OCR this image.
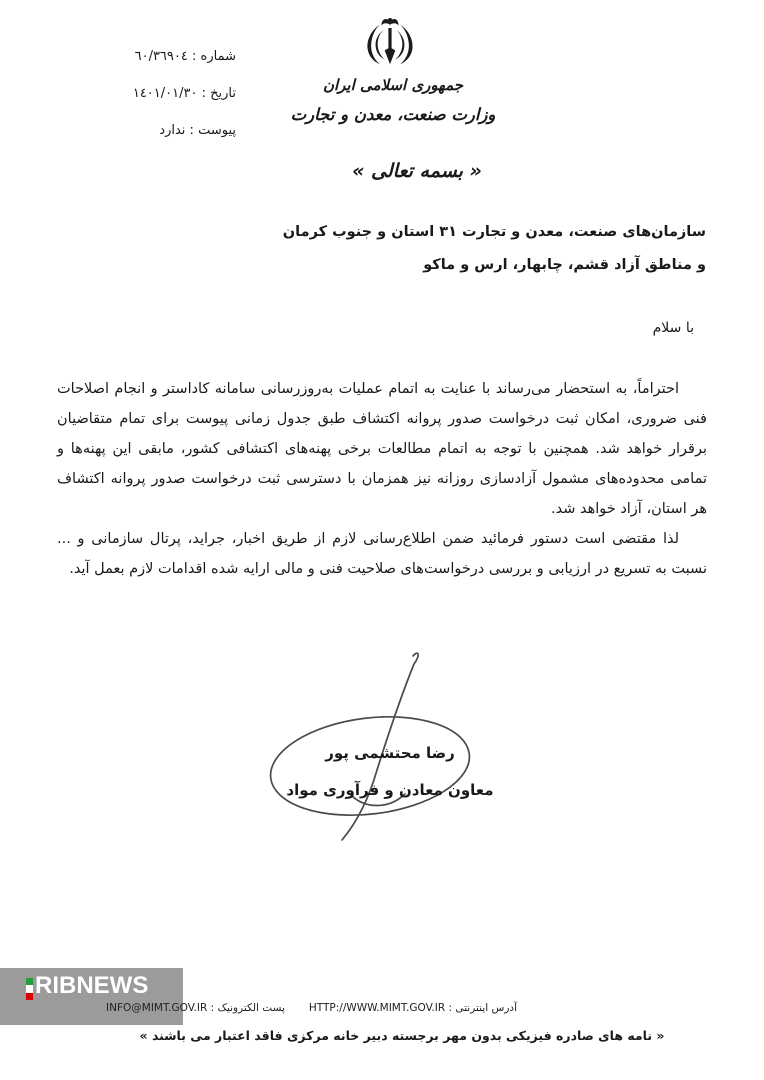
شماره : ٦٠/٣٦٩٠٤
تاریخ : ١٤٠١/٠١/٣٠
پیوست : ندارد
جمهوری اسلامی ایران
وزارت صنعت، معدن و تجارت
« بسمه تعالی »
سازمان‌های صنعت، معدن و تجارت ۳۱ استان و جنوب کرمان
و مناطق آزاد قشم، چابهار، ارس و ماکو
با سلام

احتراماً، به استحضار می‌رساند با عنایت به اتمام عملیات به‌روزرسانی سامانه کاداستر و انجام اصلاحات فنی ضروری، امکان ثبت درخواست صدور پروانه اکتشاف طبق جدول زمانی پیوست برای تمام متقاضیان برقرار خواهد شد. همچنین با توجه به اتمام مطالعات برخی پهنه‌های اکتشافی کشور، مابقی این پهنه‌ها و تمامی محدوده‌های مشمول آزادسازی روزانه نیز همزمان با دسترسی ثبت درخواست صدور پروانه اکتشاف هر استان، آزاد خواهد شد.

لذا مقتضی است دستور فرمائید ضمن اطلاع‌رسانی لازم از طریق اخبار، جراید، پرتال سازمانی و ... نسبت به تسریع در ارزیابی و بررسی درخواست‌های صلاحیت فنی و مالی ارایه شده اقدامات لازم بعمل آید.

رضا محتشمی پور
معاون معادن و فرآوری مواد
RIBNEWS
آدرس اینترنتی : HTTP://WWW.MIMT.GOV.IR
پست الکترونیک : INFO@MIMT.GOV.IR
« نامه های صادره فیزیکی بدون مهر برجسته دبیر خانه مرکزی فاقد اعتبار می باشند »
